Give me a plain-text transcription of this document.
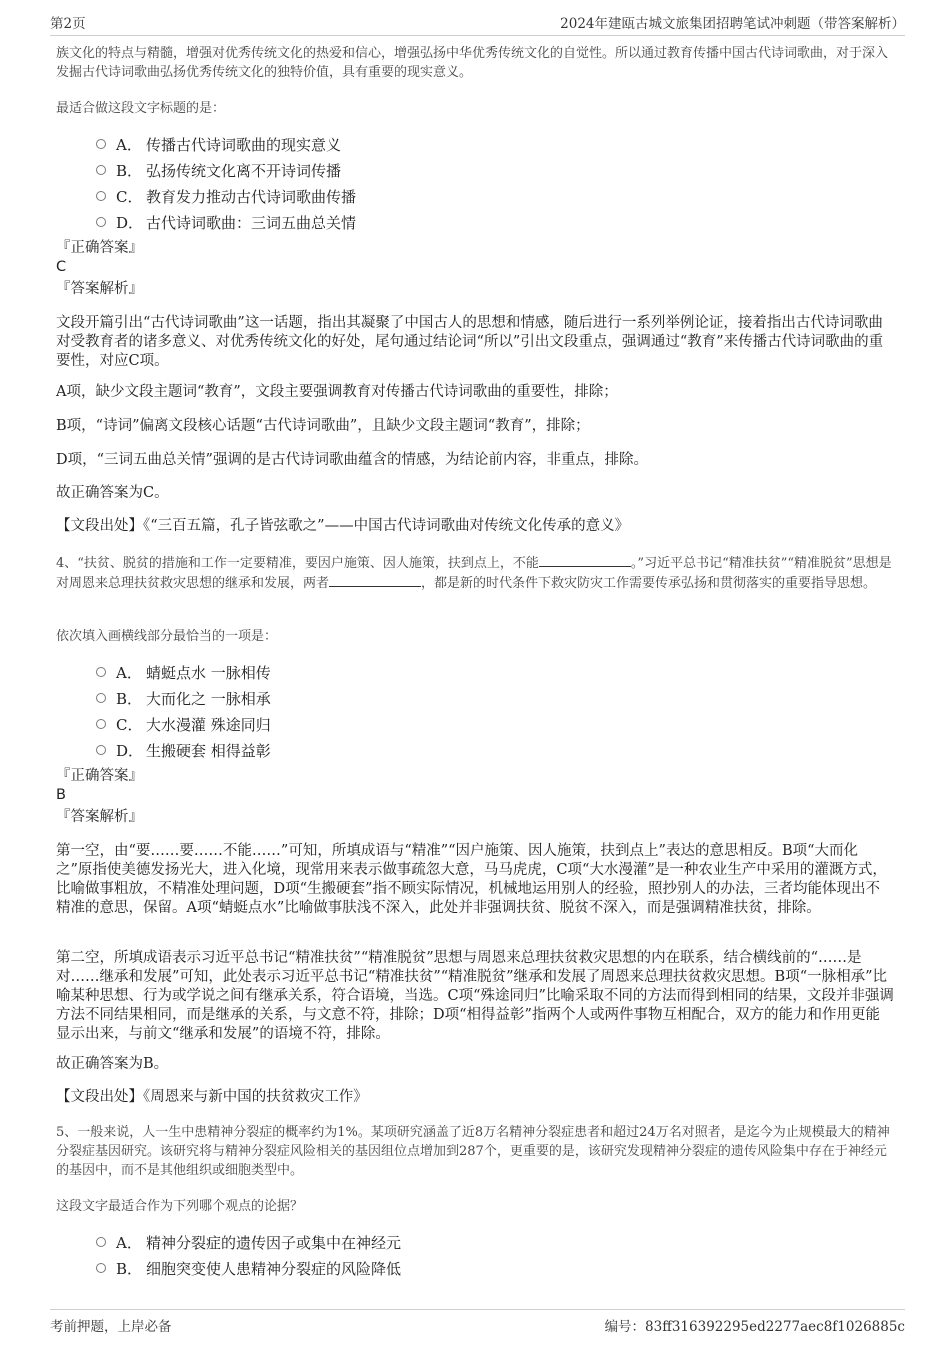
第2页	2024年建瓯古城文旅集团招聘笔试冲刺题（带答案解析）

族文化的特点与精髓，增强对优秀传统文化的热爱和信心，增强弘扬中华优秀传统文化的自觉性。所以通过教育传播中国古代诗词歌曲，对于深入发掘古代诗词歌曲弘扬优秀传统文化的独特价值，具有重要的现实意义。

最适合做这段文字标题的是：

A． 传播古代诗词歌曲的现实意义
B． 弘扬传统文化离不开诗词传播
C． 教育发力推动古代诗词歌曲传播
D． 古代诗词歌曲：三词五曲总关情

『正确答案』

C

『答案解析』

文段开篇引出“古代诗词歌曲”这一话题，指出其凝聚了中国古人的思想和情感，随后进行一系列举例论证，接着指出古代诗词歌曲对受教育者的诸多意义、对优秀传统文化的好处，尾句通过结论词“所以”引出文段重点，强调通过“教育”来传播古代诗词歌曲的重要性，对应C项。

A项，缺少文段主题词“教育”，文段主要强调教育对传播古代诗词歌曲的重要性，排除；

B项，“诗词”偏离文段核心话题“古代诗词歌曲”，且缺少文段主题词“教育”，排除；

D项，“三词五曲总关情”强调的是古代诗词歌曲蕴含的情感，为结论前内容，非重点，排除。

故正确答案为C。

【文段出处】《“三百五篇，孔子皆弦歌之”——中国古代诗词歌曲对传统文化传承的意义》

4、“扶贫、脱贫的措施和工作一定要精准，要因户施策、因人施策，扶到点上，不能	。”习近平总书记“精准扶贫”“精准脱贫”思想是对周恩来总理扶贫救灾思想的继承和发展，两者	，都是新的时代条件下救灾防灾工作需要传承弘扬和贯彻落实的重要指导思想。

依次填入画横线部分最恰当的一项是：

A． 蜻蜓点水 一脉相传
B． 大而化之 一脉相承
C． 大水漫灌 殊途同归
D． 生搬硬套 相得益彰

『正确答案』

B

『答案解析』

第一空，由“要……要……不能……”可知，所填成语与“精准”“因户施策、因人施策，扶到点上”表达的意思相反。B项“大而化之”原指使美德发扬光大，进入化境，现常用来表示做事疏忽大意，马马虎虎，C项“大水漫灌”是一种农业生产中采用的灌溉方式，比喻做事粗放，不精准处理问题，D项“生搬硬套”指不顾实际情况，机械地运用别人的经验，照抄别人的办法，三者均能体现出不精准的意思，保留。A项“蜻蜓点水”比喻做事肤浅不深入，此处并非强调扶贫、脱贫不深入，而是强调精准扶贫，排除。

第二空，所填成语表示习近平总书记“精准扶贫”“精准脱贫”思想与周恩来总理扶贫救灾思想的内在联系，结合横线前的“……是对……继承和发展”可知，此处表示习近平总书记“精准扶贫”“精准脱贫”继承和发展了周恩来总理扶贫救灾思想。B项“一脉相承”比喻某种思想、行为或学说之间有继承关系，符合语境，当选。C项“殊途同归”比喻采取不同的方法而得到相同的结果，文段并非强调方法不同结果相同，而是继承的关系，与文意不符，排除；D项“相得益彰”指两个人或两件事物互相配合，双方的能力和作用更能显示出来，与前文“继承和发展”的语境不符，排除。

故正确答案为B。

【文段出处】《周恩来与新中国的扶贫救灾工作》

5、一般来说，人一生中患精神分裂症的概率约为1%。某项研究涵盖了近8万名精神分裂症患者和超过24万名对照者，是迄今为止规模最大的精神分裂症基因研究。该研究将与精神分裂症风险相关的基因组位点增加到287个，更重要的是，该研究发现精神分裂症的遗传风险集中存在于神经元的基因中，而不是其他组织或细胞类型中。

这段文字最适合作为下列哪个观点的论据？

A． 精神分裂症的遗传因子或集中在神经元
B． 细胞突变使人患精神分裂症的风险降低
考前押题，上岸必备	编号：83ff316392295ed2277aec8f1026885c
